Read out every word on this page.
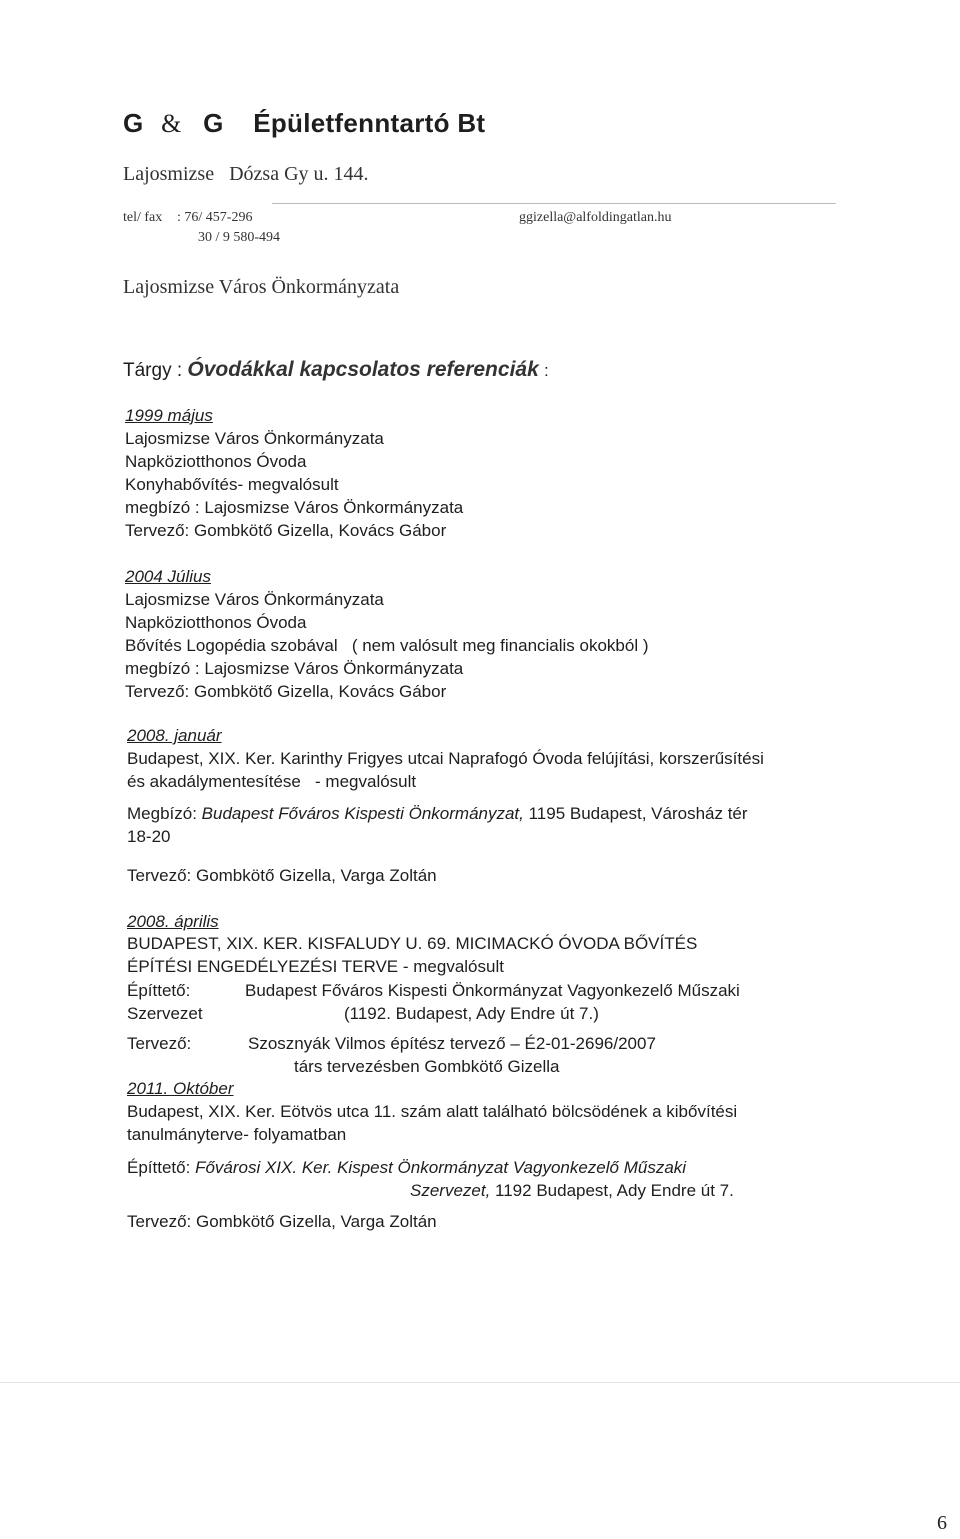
G & G Épületfenntartó Bt
Lajosmizse   Dózsa Gy u. 144.
tel/ fax : 76/ 457-296
30 / 9 580-494
ggizella@alfoldingatlan.hu
Lajosmizse Város Önkormányzata
Tárgy : Óvodákkal kapcsolatos referenciák :
1999 május
Lajosmizse Város Önkormányzata
Napköziotthonos Óvoda
Konyhabővítés- megvalósult
megbízó : Lajosmizse Város Önkormányzata
Tervező: Gombkötő Gizella, Kovács Gábor
2004 Július
Lajosmizse Város Önkormányzata
Napköziotthonos Óvoda
Bővítés Logopédia szobával   ( nem valósult meg financialis okokból )
megbízó : Lajosmizse Város Önkormányzata
Tervező: Gombkötő Gizella, Kovács Gábor
2008. január
Budapest, XIX. Ker. Karinthy Frigyes utcai Naprafogó Óvoda felújítási, korszerűsítési
és akadálymentesítése   - megvalósult
Megbízó: Budapest Főváros Kispesti Önkormányzat, 1195 Budapest, Városház tér
18-20
Tervező: Gombkötő Gizella, Varga Zoltán
2008. április
BUDAPEST, XIX. KER. KISFALUDY U. 69. MICIMACKÓ ÓVODA BŐVÍTÉS
ÉPÍTÉSI ENGEDÉLYEZÉSI TERVE - megvalósult
Építtető:	Budapest Főváros Kispesti Önkormányzat Vagyonkezelő Műszaki
Szervezet	(1192. Budapest, Ady Endre út 7.)
Tervező:	Szosznyák Vilmos építész tervező – É2-01-2696/2007
társ tervezésben Gombkötő Gizella
2011. Október
Budapest, XIX. Ker. Eötvös utca 11. szám alatt található bölcsödének a kibővítési
tanulmányterve- folyamatban
Építtető: Fővárosi XIX. Ker. Kispest Önkormányzat Vagyonkezelő Műszaki
Szervezet, 1192 Budapest, Ady Endre út 7.
Tervező: Gombkötő Gizella, Varga Zoltán
6
